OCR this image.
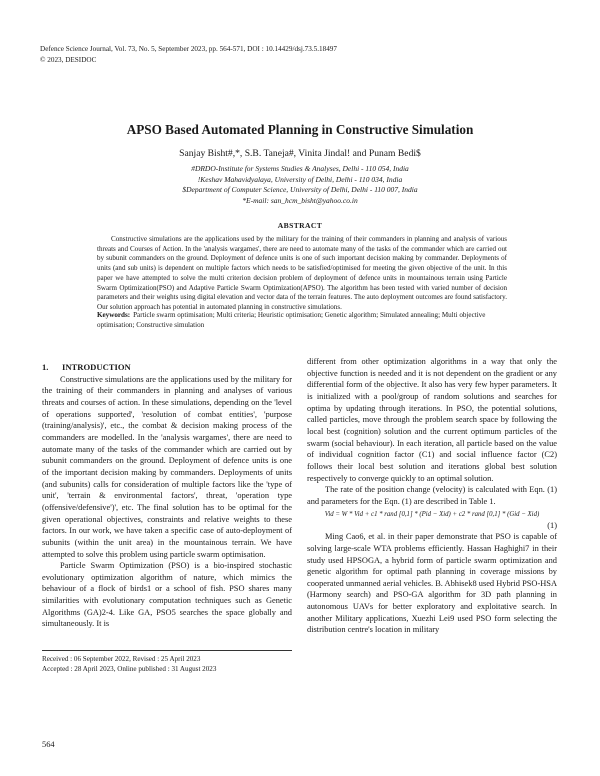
Defence Science Journal, Vol. 73, No. 5, September 2023, pp. 564-571, DOI : 10.14429/dsj.73.5.18497
© 2023, DESIDOC
APSO Based Automated Planning in Constructive Simulation
Sanjay Bisht#,*, S.B. Taneja#, Vinita Jindal! and Punam Bedi$
#DRDO-Institute for Systems Studies & Analyses, Delhi - 110 054, India
!Keshav Mahavidyalaya, University of Delhi, Delhi - 110 034, India
$Department of Computer Science, University of Delhi, Delhi - 110 007, India
*E-mail: san_hcm_bisht@yahoo.co.in
ABSTRACT

Constructive simulations are the applications used by the military for the training of their commanders in planning and analysis of various threats and Courses of Action. In the 'analysis wargames', there are need to automate many of the tasks of the commander which are carried out by subunit commanders on the ground. Deployment of defence units is one of such important decision making by commander. Deployments of units (and sub units) is dependent on multiple factors which needs to be satisfied/optimised for meeting the given objective of the unit. In this paper we have attempted to solve the multi criterion decision problem of deployment of defence units in mountainous terrain using Particle Swarm Optimization(PSO) and Adaptive Particle Swarm Optimization(APSO). The algorithm has been tested with varied number of decision parameters and their weights using digital elevation and vector data of the terrain features. The auto deployment outcomes are found satisfactory. Our solution approach has potential in automated planning in constructive simulations.

Keywords: Particle swarm optimisation; Multi criteria; Heuristic optimisation; Genetic algorithm; Simulated annealing; Multi objective optimisation; Constructive simulation
1. INTRODUCTION

Constructive simulations are the applications used by the military for the training of their commanders in planning and analyses of various threats and courses of action. In these simulations, depending on the 'level of operations supported', 'resolution of combat entities', 'purpose (training/analysis)', etc., the combat & decision making process of the commanders are modelled. In the 'analysis wargames', there are need to automate many of the tasks of the commander which are carried out by subunit commanders on the ground. Deployment of defence units is one of the important decision making by commanders. Deployments of units (and subunits) calls for consideration of multiple factors like the 'type of unit', 'terrain & environmental factors', threat, 'operation type (offensive/defensive')', etc. The final solution has to be optimal for the given operational objectives, constraints and relative weights to these factors. In our work, we have taken a specific case of auto-deployment of subunits (within the unit area) in the mountainous terrain. We have attempted to solve this problem using particle swarm optimisation.

Particle Swarm Optimization (PSO) is a bio-inspired stochastic evolutionary optimization algorithm of nature, which mimics the behaviour of a flock of birds1 or a school of fish. PSO shares many similarities with evolutionary computation techniques such as Genetic Algorithms (GA)2-4. Like GA, PSO5 searches the space globally and simultaneously. It is

different from other optimization algorithms in a way that only the objective function is needed and it is not dependent on the gradient or any differential form of the objective. It also has very few hyper parameters. It is initialized with a pool/group of random solutions and searches for optima by updating through iterations. In PSO, the potential solutions, called particles, move through the problem search space by following the local best (cognition) solution and the current optimum particles of the swarm (social behaviour). In each iteration, all particle based on the value of individual cognition factor (C1) and social influence factor (C2) follows their local best solution and iterations global best solution respectively to converge quickly to an optimal solution.

The rate of the position change (velocity) is calculated with Eqn. (1) and parameters for the Eqn. (1) are described in Table 1.

Vid = W * Vid + c1 * rand [0,1] * (Pid − Xid) + c2 * rand [0,1] * (Gid − Xid)
(1)

Ming Cao6, et al. in their paper demonstrate that PSO is capable of solving large-scale WTA problems efficiently. Hassan Haghighi7 in their study used HPSOGA, a hybrid form of particle swarm optimization and genetic algorithm for optimal path planning in coverage missions by cooperated unmanned aerial vehicles. B. Abhisek8 used Hybrid PSO-HSA (Harmony search) and PSO-GA algorithm for 3D path planning in autonomous UAVs for better exploratory and exploitative search. In another Military applications, Xuezhi Lei9 used PSO form selecting the distribution centre's location in military

Received : 06 September 2022, Revised : 25 April 2023
Accepted : 28 April 2023, Online published : 31 August 2023
564
